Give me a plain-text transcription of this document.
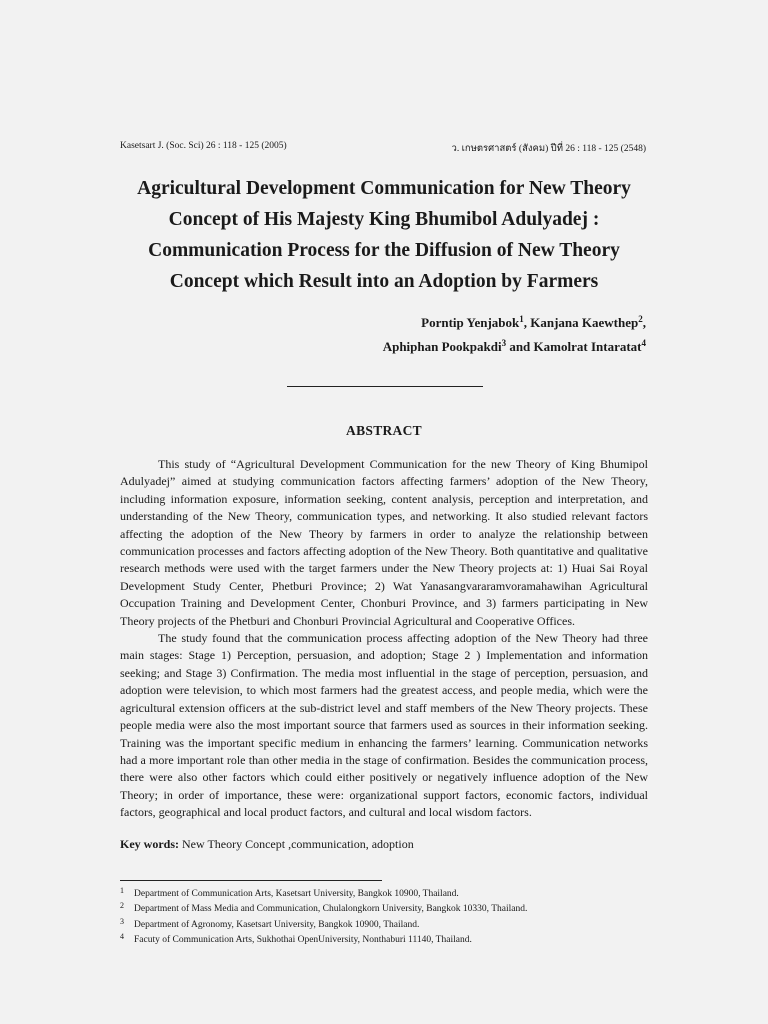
Kasetsart J. (Soc. Sci) 26 : 118 - 125 (2005)	ว. เกษตรศาสตร์ (สังคม) ปีที่ 26 : 118 - 125 (2548)
Agricultural Development Communication for New Theory
Concept of His Majesty King Bhumibol Adulyadej :
Communication Process for the Diffusion of New Theory
Concept which Result into an Adoption by Farmers
Porntip Yenjabok$^1$, Kanjana Kaewthep$^2$,
Aphiphan Pookpakdi$^3$ and Kamolrat Intaratat$^4$
ABSTRACT

This study of “Agricultural Development Communication for the new Theory of King Bhumipol Adulyadej” aimed at studying communication factors affecting farmers’ adoption of the New Theory, including information exposure, information seeking, content analysis, perception and interpretation, and understanding of the New Theory, communication types, and networking. It also studied relevant factors affecting the adoption of the New Theory by farmers in order to analyze the relationship between communication processes and factors affecting adoption of the New Theory. Both quantitative and qualitative research methods were used with the target farmers under the New Theory projects at: 1) Huai Sai Royal Development Study Center, Phetburi Province; 2) Wat Yanasangvararamvoramahawihan Agricultural Occupation Training and Development Center, Chonburi Province, and 3) farmers participating in New Theory projects of the Phetburi and Chonburi Provincial Agricultural and Cooperative Offices.

The study found that the communication process affecting adoption of the New Theory had three main stages: Stage 1) Perception, persuasion, and adoption; Stage 2 ) Implementation and information seeking; and Stage 3) Confirmation. The media most influential in the stage of perception, persuasion, and adoption were television, to which most farmers had the greatest access, and people media, which were the agricultural extension officers at the sub-district level and staff members of the New Theory projects. These people media were also the most important source that farmers used as sources in their information seeking. Training was the important specific medium in enhancing the farmers’ learning. Communication networks had a more important role than other media in the stage of confirmation. Besides the communication process, there were also other factors which could either positively or negatively influence adoption of the New Theory; in order of importance, these were: organizational support factors, economic factors, individual factors, geographical and local product factors, and cultural and local wisdom factors.

Key words: New Theory Concept ,communication, adoption
1 Department of Communication Arts, Kasetsart University, Bangkok 10900, Thailand.
2 Department of Mass Media and Communication, Chulalongkorn University, Bangkok 10330, Thailand.
3 Department of Agronomy, Kasetsart University, Bangkok 10900, Thailand.
4 Facuty of Communication Arts, Sukhothai OpenUniversity, Nonthaburi 11140, Thailand.
